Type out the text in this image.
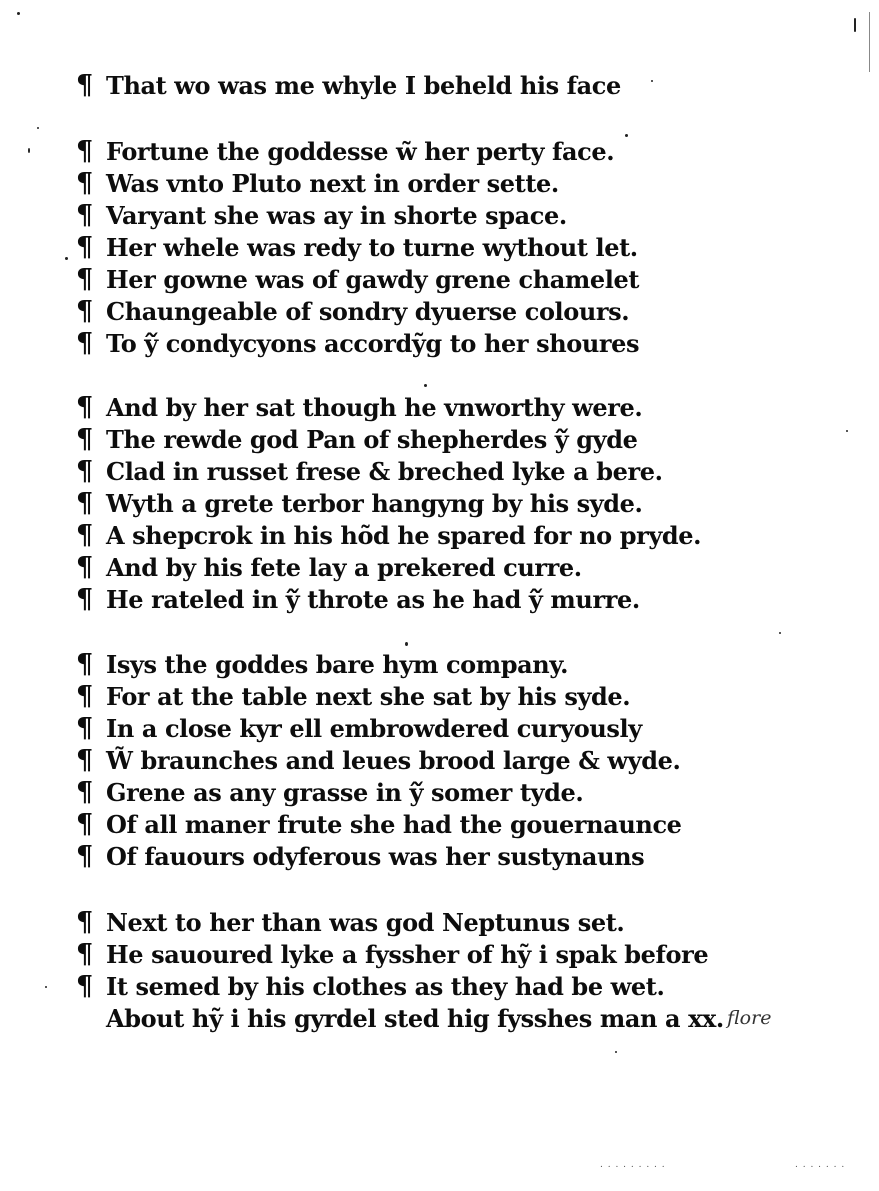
¶ That wo was me whyle I beheld his face
¶ Fortune the goddesse w̃ her perty face.
¶ Was vnto Pluto next in order sette.
¶ Varyant she was ay in shorte space.
¶ Her whele was redy to turne wythout let.
¶ Her gowne was of gawdy grene chamelet
¶ Chaungeable of sondry dyuerse colours.
¶ To y᷉ condycyons accordỹg to her shoures
¶ And by her sat though he vnworthy were.
¶ The rewde god Pan of shepherdes y᷉ gyde
¶ Clad in russet frese & breched lyke a bere.
¶ Wyth a grete terbor hangyng by his syde.
¶ A shepcrok in his hõd he spared for no pryde.
¶ And by his fete lay a prekered curre.
¶ He rateled in y᷉ throte as he had y᷉ murre.
¶ Isys the goddes bare hym company.
¶ For at the table next she sat by his syde.
¶ In a close kyr ell embrowdered curyously
¶ W̃ braunches and leues brood large & wyde.
¶ Grene as any grasse in y᷉ somer tyde.
¶ Of all maner frute she had the gouernaunce
¶ Of fauours odyferous was her sustynauns
¶ Next to her than was god Neptunus set.
¶ He sauoured lyke a fyssher of hỹ i spak before
¶ It semed by his clothes as they had be wet.
About hỹ i his gyrdel sted hig fysshes man a xx. flore
. . . . . . . . .	. . . . . . .
